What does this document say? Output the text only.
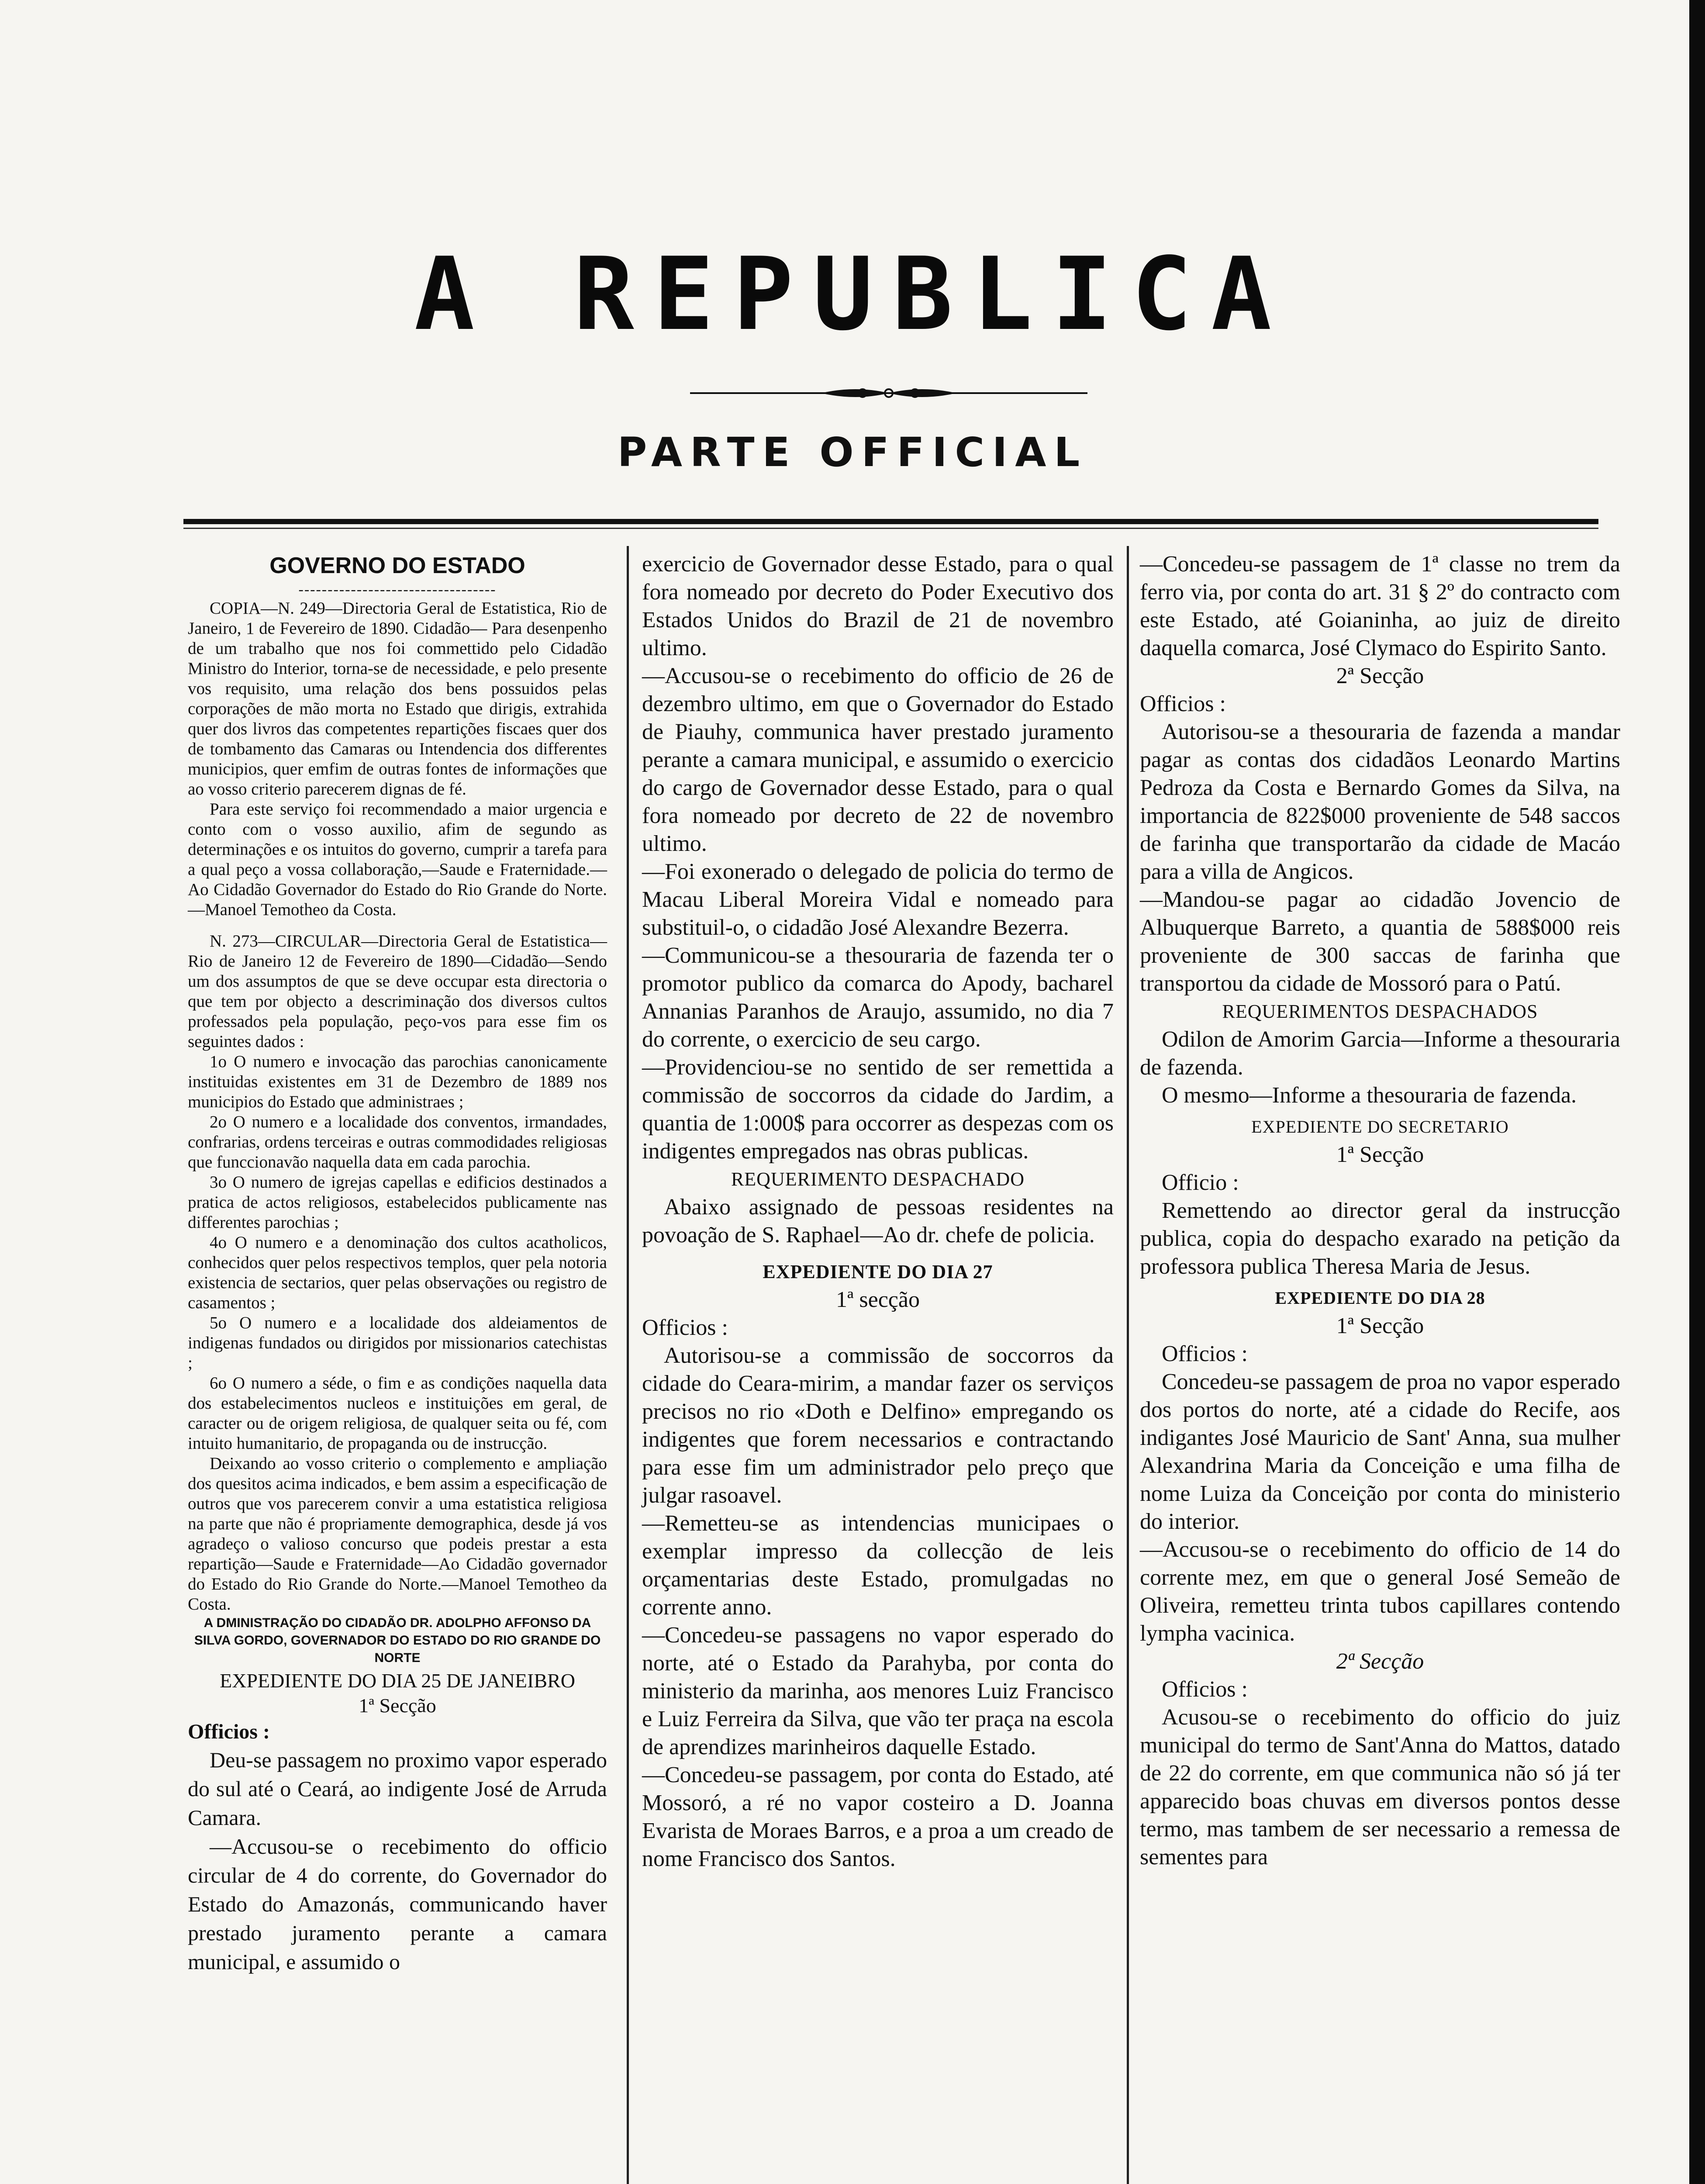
A REPUBLICA
PARTE OFFICIAL

GOVERNO DO ESTADO

----------------------------------

COPIA—N. 249—Directoria Geral de Estatistica, Rio de Janeiro, 1 de Fevereiro de 1890. Cidadão— Para desenpenho de um trabalho que nos foi commettido pelo Cidadão Ministro do Interior, torna-se de necessidade, e pelo presente vos requisito, uma relação dos bens possuidos pelas corporações de mão morta no Estado que dirigis, extrahida quer dos livros das competentes repartições fiscaes quer dos de tombamento das Camaras ou Intendencia dos differentes municipios, quer emfim de outras fontes de informações que ao vosso criterio parecerem dignas de fé.

Para este serviço foi recommendado a maior urgencia e conto com o vosso auxilio, afim de segundo as determinações e os intuitos do governo, cumprir a tarefa para a qual peço a vossa collaboração,—Saude e Fraternidade.—Ao Cidadão Governador do Estado do Rio Grande do Norte.—Manoel Temotheo da Costa.

N. 273—CIRCULAR—Directoria Geral de Estatistica—Rio de Janeiro 12 de Fevereiro de 1890—Cidadão—Sendo um dos assumptos de que se deve occupar esta directoria o que tem por objecto a descriminação dos diversos cultos professados pela população, peço-vos para esse fim os seguintes dados :

1o O numero e invocação das parochias canonicamente instituidas existentes em 31 de Dezembro de 1889 nos municipios do Estado que administraes ;

2o O numero e a localidade dos conventos, irmandades, confrarias, ordens terceiras e outras commodidades religiosas que funccionavão naquella data em cada parochia.

3o O numero de igrejas capellas e edificios destinados a pratica de actos religiosos, estabelecidos publicamente nas differentes parochias ;

4o O numero e a denominação dos cultos acatholicos, conhecidos quer pelos respectivos templos, quer pela notoria existencia de sectarios, quer pelas observações ou registro de casamentos ;

5o O numero e a localidade dos aldeiamentos de indigenas fundados ou dirigidos por missionarios catechistas ;

6o O numero a séde, o fim e as condições naquella data dos estabelecimentos nucleos e instituições em geral, de caracter ou de origem religiosa, de qualquer seita ou fé, com intuito humanitario, de propaganda ou de instrucção.

Deixando ao vosso criterio o complemento e ampliação dos quesitos acima indicados, e bem assim a especificação de outros que vos parecerem convir a uma estatistica religiosa na parte que não é propriamente demographica, desde já vos agradeço o valioso concurso que podeis prestar a esta repartição—Saude e Fraternidade—Ao Cidadão governador do Estado do Rio Grande do Norte.—Manoel Temotheo da Costa.

A DMINISTRAÇÃO DO CIDADÃO DR. ADOLPHO AFFONSO DA SILVA GORDO, GOVERNADOR DO ESTADO DO RIO GRANDE DO NORTE

EXPEDIENTE DO DIA 25 DE JANEIBRO

1ª Secção

Officios :

Deu-se passagem no proximo vapor esperado do sul até o Ceará, ao indigente José de Arruda Camara.

—Accusou-se o recebimento do officio circular de 4 do corrente, do Governador do Estado do Amazonás, communicando haver prestado juramento perante a camara municipal, e assumido o

exercicio de Governador desse Estado, para o qual fora nomeado por decreto do Poder Executivo dos Estados Unidos do Brazil de 21 de novembro ultimo.

—Accusou-se o recebimento do officio de 26 de dezembro ultimo, em que o Governador do Estado de Piauhy, communica haver prestado juramento perante a camara municipal, e assumido o exercicio do cargo de Governador desse Estado, para o qual fora nomeado por decreto de 22 de novembro ultimo.

—Foi exonerado o delegado de policia do termo de Macau Liberal Moreira Vidal e nomeado para substituil-o, o cidadão José Alexandre Bezerra.

—Communicou-se a thesouraria de fazenda ter o promotor publico da comarca do Apody, bacharel Annanias Paranhos de Araujo, assumido, no dia 7 do corrente, o exercicio de seu cargo.

—Providenciou-se no sentido de ser remettida a commissão de soccorros da cidade do Jardim, a quantia de 1:000$ para occorrer as despezas com os indigentes empregados nas obras publicas.

REQUERIMENTO DESPACHADO

Abaixo assignado de pessoas residentes na povoação de S. Raphael—Ao dr. chefe de policia.

EXPEDIENTE DO DIA 27

1ª secção

Officios :

Autorisou-se a commissão de soccorros da cidade do Ceara-mirim, a mandar fazer os serviços precisos no rio «Doth e Delfino» empregando os indigentes que forem necessarios e contractando para esse fim um administrador pelo preço que julgar rasoavel.

—Remetteu-se as intendencias municipaes o exemplar impresso da collecção de leis orçamentarias deste Estado, promulgadas no corrente anno.

—Concedeu-se passagens no vapor esperado do norte, até o Estado da Parahyba, por conta do ministerio da marinha, aos menores Luiz Francisco e Luiz Ferreira da Silva, que vão ter praça na escola de aprendizes marinheiros daquelle Estado.

—Concedeu-se passagem, por conta do Estado, até Mossoró, a ré no vapor costeiro a D. Joanna Evarista de Moraes Barros, e a proa a um creado de nome Francisco dos Santos.

—Concedeu-se passagem de 1ª classe no trem da ferro via, por conta do art. 31 § 2º do contracto com este Estado, até Goianinha, ao juiz de direito daquella comarca, José Clymaco do Espirito Santo.

2ª Secção

Officios :

Autorisou-se a thesouraria de fazenda a mandar pagar as contas dos cidadãos Leonardo Martins Pedroza da Costa e Bernardo Gomes da Silva, na importancia de 822$000 proveniente de 548 saccos de farinha que transportarão da cidade de Macáo para a villa de Angicos.

—Mandou-se pagar ao cidadão Jovencio de Albuquerque Barreto, a quantia de 588$000 reis proveniente de 300 saccas de farinha que transportou da cidade de Mossoró para o Patú.

REQUERIMENTOS DESPACHADOS

Odilon de Amorim Garcia—Informe a thesouraria de fazenda.

O mesmo—Informe a thesouraria de fazenda.

EXPEDIENTE DO SECRETARIO

1ª Secção

Officio :

Remettendo ao director geral da instrucção publica, copia do despacho exarado na petição da professora publica Theresa Maria de Jesus.

EXPEDIENTE DO DIA 28

1ª Secção

Officios :

Concedeu-se passagem de proa no vapor esperado dos portos do norte, até a cidade do Recife, aos indigantes José Mauricio de Sant' Anna, sua mulher Alexandrina Maria da Conceição e uma filha de nome Luiza da Conceição por conta do ministerio do interior.

—Accusou-se o recebimento do officio de 14 do corrente mez, em que o general José Semeão de Oliveira, remetteu trinta tubos capillares contendo lympha vacinica.

2ª Secção

Officios :

Acusou-se o recebimento do officio do juiz municipal do termo de Sant'Anna do Mattos, datado de 22 do corrente, em que communica não só já ter apparecido boas chuvas em diversos pontos desse termo, mas tambem de ser necessario a remessa de sementes para
